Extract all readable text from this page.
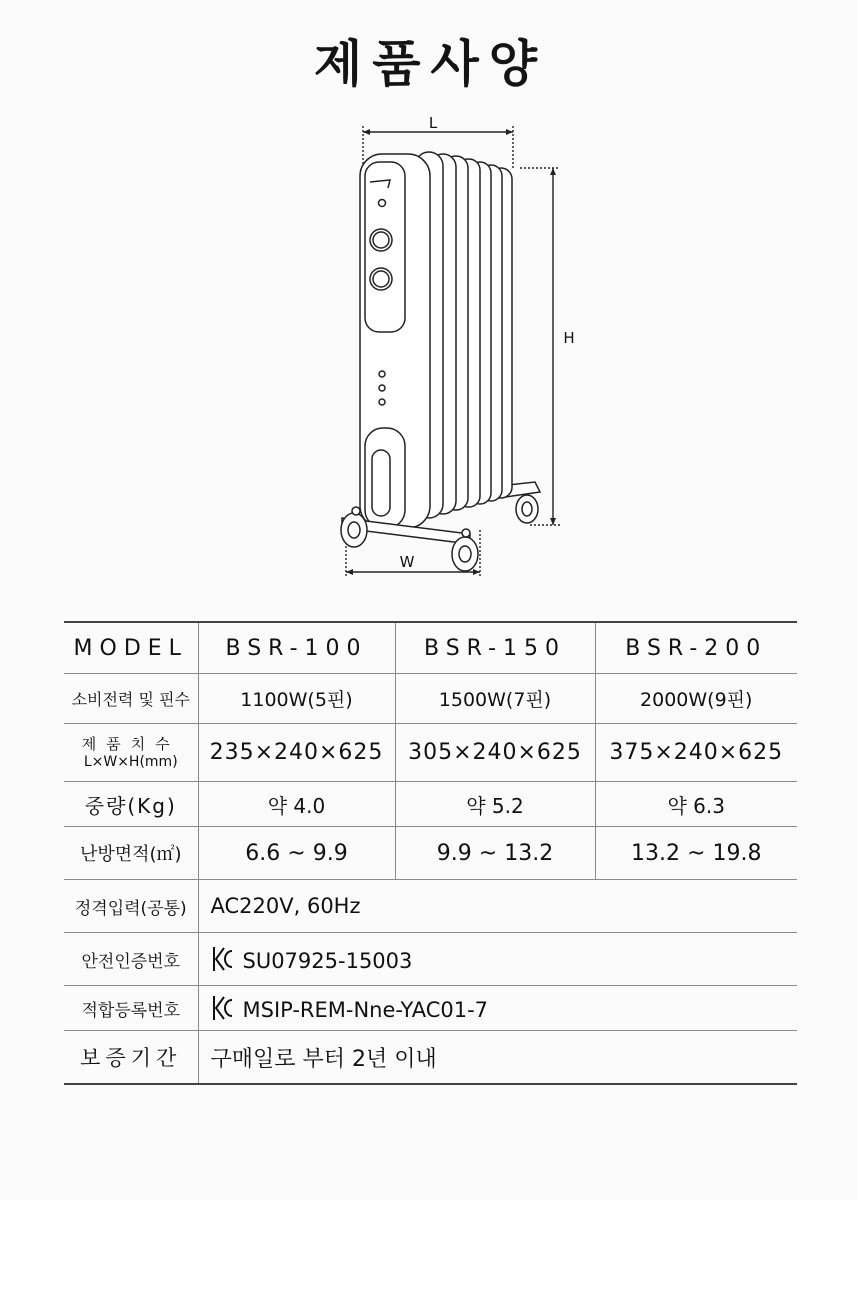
제품사양
L
H
W
MODEL	BSR-100	BSR-150	BSR-200
소비전력 및 핀수	1100W(5핀)	1500W(7핀)	2000W(9핀)

제품치수
L×W×H(mm)	235×240×625	305×240×625	375×240×625
중량(Kg)	약 4.0	약 5.2	약 6.3
난방면적(㎡)	6.6 ~ 9.9	9.9 ~ 13.2	13.2 ~ 19.8
정격입력(공통)	AC220V, 60Hz		
안전인증번호	SU07925-15003		
적합등록번호	MSIP-REM-Nne-YAC01-7		
보증기간	구매일로 부터 2년 이내		
